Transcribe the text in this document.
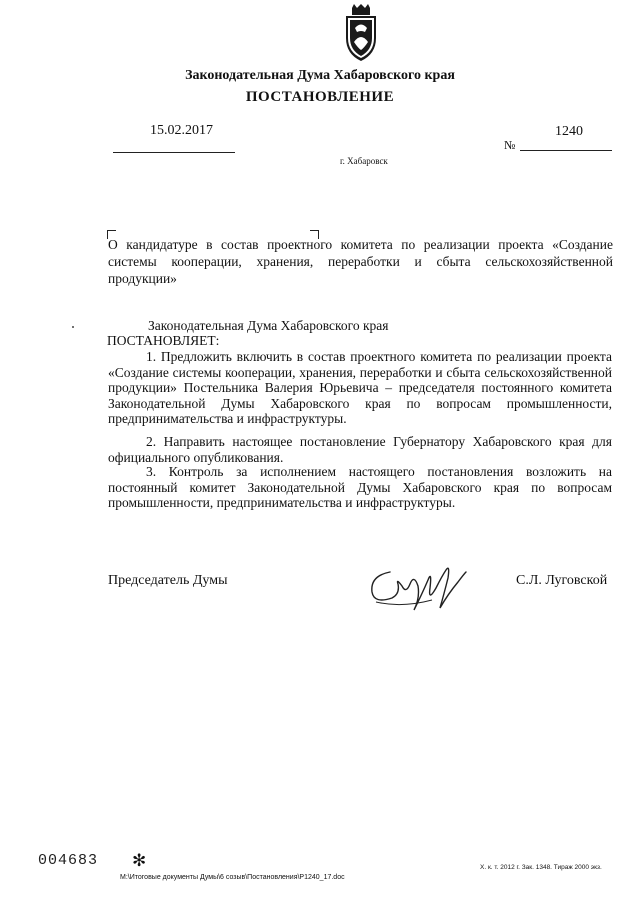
Законодательная Дума Хабаровского края
ПОСТАНОВЛЕНИЕ
15.02.2017
№
1240
г. Хабаровск
О кандидатуре в состав проектного комитета по реализации проекта «Создание системы кооперации, хранения, переработки и сбыта сельскохозяйственной продукции»
Законодательная Дума Хабаровского края
ПОСТАНОВЛЯЕТ:
1. Предложить включить в состав проектного комитета по реализации проекта «Создание системы кооперации, хранения, переработки и сбыта сельскохозяйственной продукции» Постельника Валерия Юрьевича – председателя постоянного комитета Законодательной Думы Хабаровского края по вопросам промышленности, предпринимательства и инфраструктуры.
2. Направить настоящее постановление Губернатору Хабаровского края для официального опубликования.
3. Контроль за исполнением настоящего постановления возложить на постоянный комитет Законодательной Думы Хабаровского края по вопросам промышленности, предпринимательства и инфраструктуры.
Председатель Думы	С.Л. Луговской
004683 ✻
М:\Итоговые документы Думы\6 созыв\Постановления\Р1240_17.doc
Х. к. т. 2012 г. Зак. 1348. Тираж 2000 экз.
